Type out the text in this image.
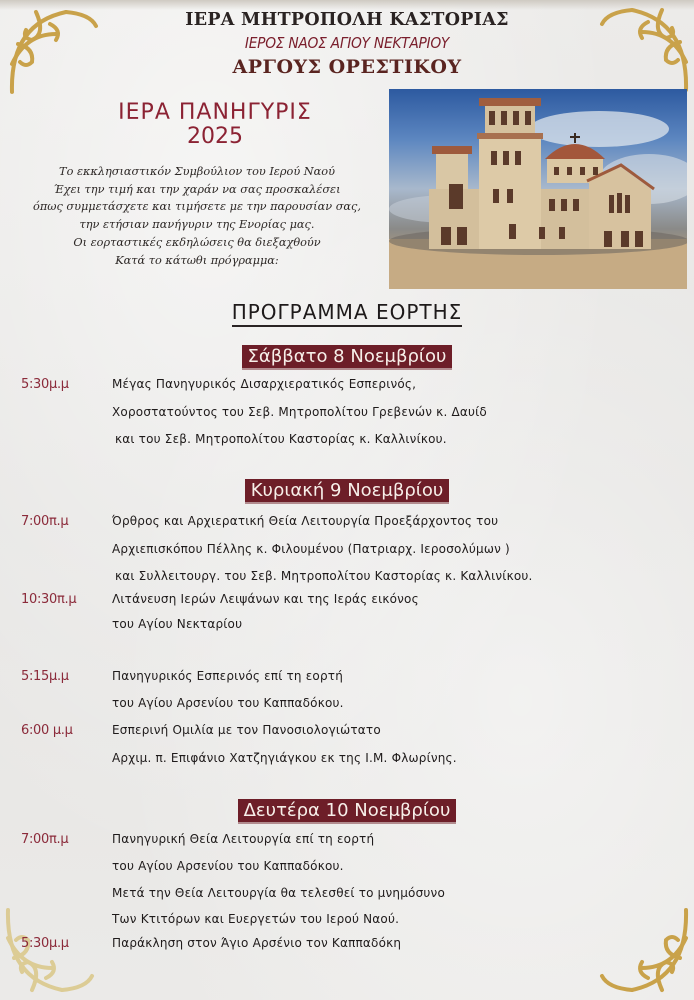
ΙΕΡΑ ΜΗΤΡΟΠΟΛΗ ΚΑΣΤΟΡΙΑΣ
ΙΕΡΟΣ ΝΑΟΣ ΑΓΙΟΥ ΝΕΚΤΑΡΙΟΥ
ΑΡΓΟΥΣ ΟΡΕΣΤΙΚΟΥ
ΙΕΡΑ ΠΑΝΗΓΥΡΙΣ
2025
Το εκκλησιαστικόν Συμβούλιον του Ιερού Ναού
Έχει την τιμή και την χαράν να σας προσκαλέσει
όπως συμμετάσχετε και τιμήσετε με την παρουσίαν σας,
την ετήσιαν πανήγυριν της Ενορίας μας.
Οι εορταστικές εκδηλώσεις θα διεξαχθούν
Κατά το κάτωθι πρόγραμμα:
ΠΡΟΓΡΑΜΜΑ ΕΟΡΤΗΣ
Σάββατο 8 Νοεμβρίου
5:30μ.μ	Μέγας Πανηγυρικός Δισαρχιερατικός Εσπερινός,
Χοροστατούντος του Σεβ. Μητροπολίτου Γρεβενών κ. Δαυίδ
και του Σεβ. Μητροπολίτου Καστορίας κ. Καλλινίκου.
Κυριακή 9 Νοεμβρίου
7:00π.μ	Όρθρος και Αρχιερατική Θεία Λειτουργία Προεξάρχοντος του
Αρχιεπισκόπου Πέλλης κ. Φιλουμένου (Πατριαρχ. Ιεροσολύμων )
και Συλλειτουργ. του Σεβ. Μητροπολίτου Καστορίας κ. Καλλινίκου.
10:30π.μ	Λιτάνευση Ιερών Λειψάνων και της Ιεράς εικόνος
του Αγίου Νεκταρίου
5:15μ.μ	Πανηγυρικός Εσπερινός επί τη εορτή
του Αγίου Αρσενίου του Καππαδόκου.
6:00 μ.μ	Εσπερινή Ομιλία με τον Πανοσιολογιώτατο
Αρχιμ. π. Επιφάνιο Χατζηγιάγκου εκ της Ι.Μ. Φλωρίνης.
Δευτέρα 10 Νοεμβρίου
7:00π.μ	Πανηγυρική Θεία Λειτουργία επί τη εορτή
του Αγίου Αρσενίου του Καππαδόκου.
Μετά την Θεία Λειτουργία θα τελεσθεί το μνημόσυνο
Των Κτιτόρων και Ευεργετών του Ιερού Ναού.
5:30μ.μ	Παράκληση στον Άγιο Αρσένιο τον Καππαδόκη
